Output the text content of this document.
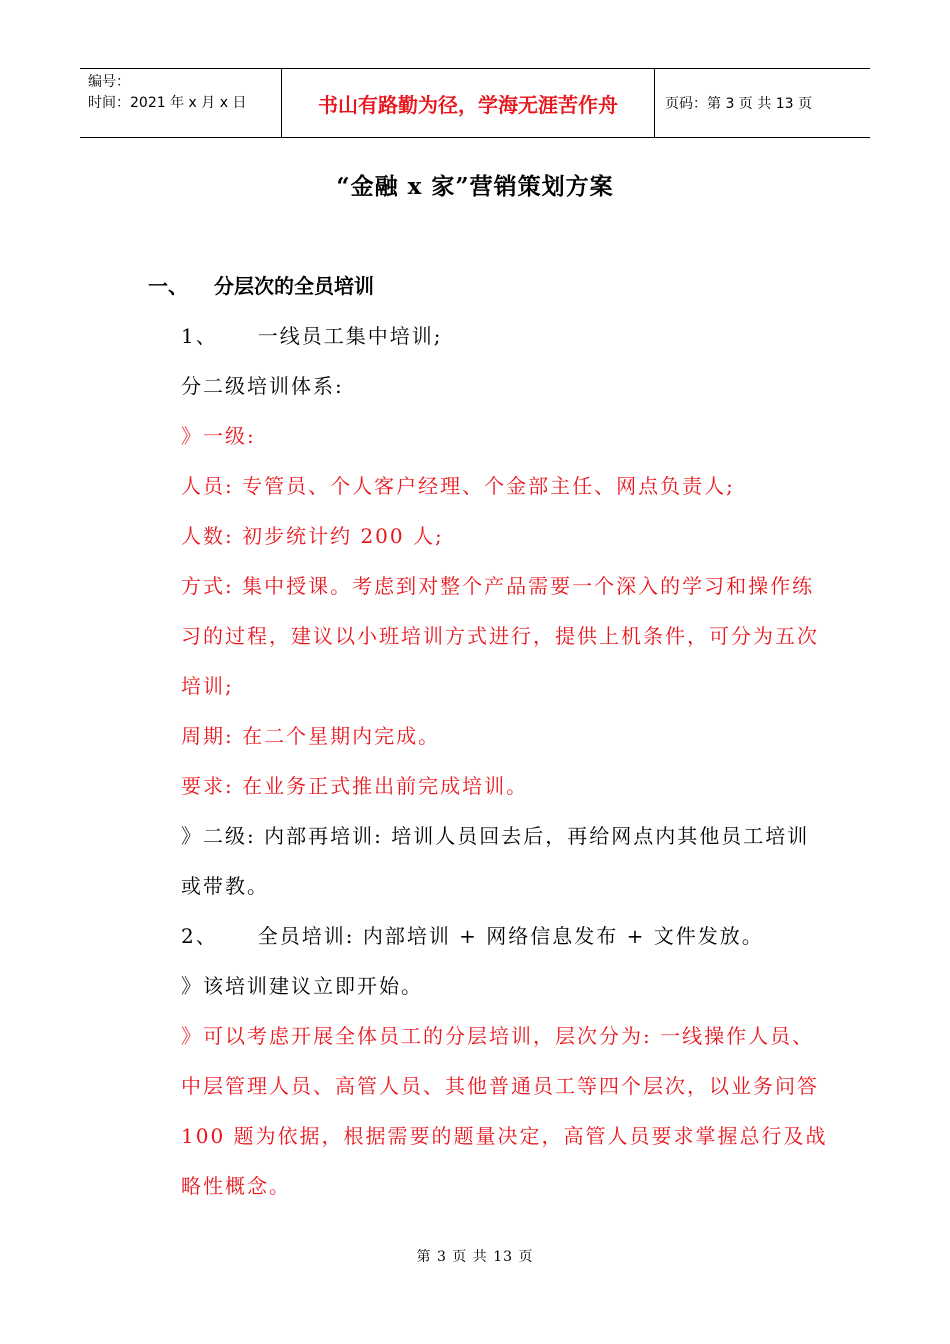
编号：
时间：2021 年 x 月 x 日	书山有路勤为径，学海无涯苦作舟	页码：第 3 页 共 13 页
“金融 x 家”营销策划方案
一、 分层次的全员培训
1、 一线员工集中培训;
分二级培训体系:
》一级:
人员: 专管员、个人客户经理、个金部主任、网点负责人;
人数: 初步统计约 200 人;
方式: 集中授课。考虑到对整个产品需要一个深入的学习和操作练
习的过程，建议以小班培训方式进行，提供上机条件，可分为五次
培训;
周期: 在二个星期内完成。
要求: 在业务正式推出前完成培训。
》二级: 内部再培训: 培训人员回去后，再给网点内其他员工培训
或带教。
2、 全员培训: 内部培训 + 网络信息发布 + 文件发放。
》该培训建议立即开始。
》可以考虑开展全体员工的分层培训，层次分为: 一线操作人员、
中层管理人员、高管人员、其他普通员工等四个层次，以业务问答
100 题为依据，根据需要的题量决定，高管人员要求掌握总行及战
略性概念。
第 3 页 共 13 页
